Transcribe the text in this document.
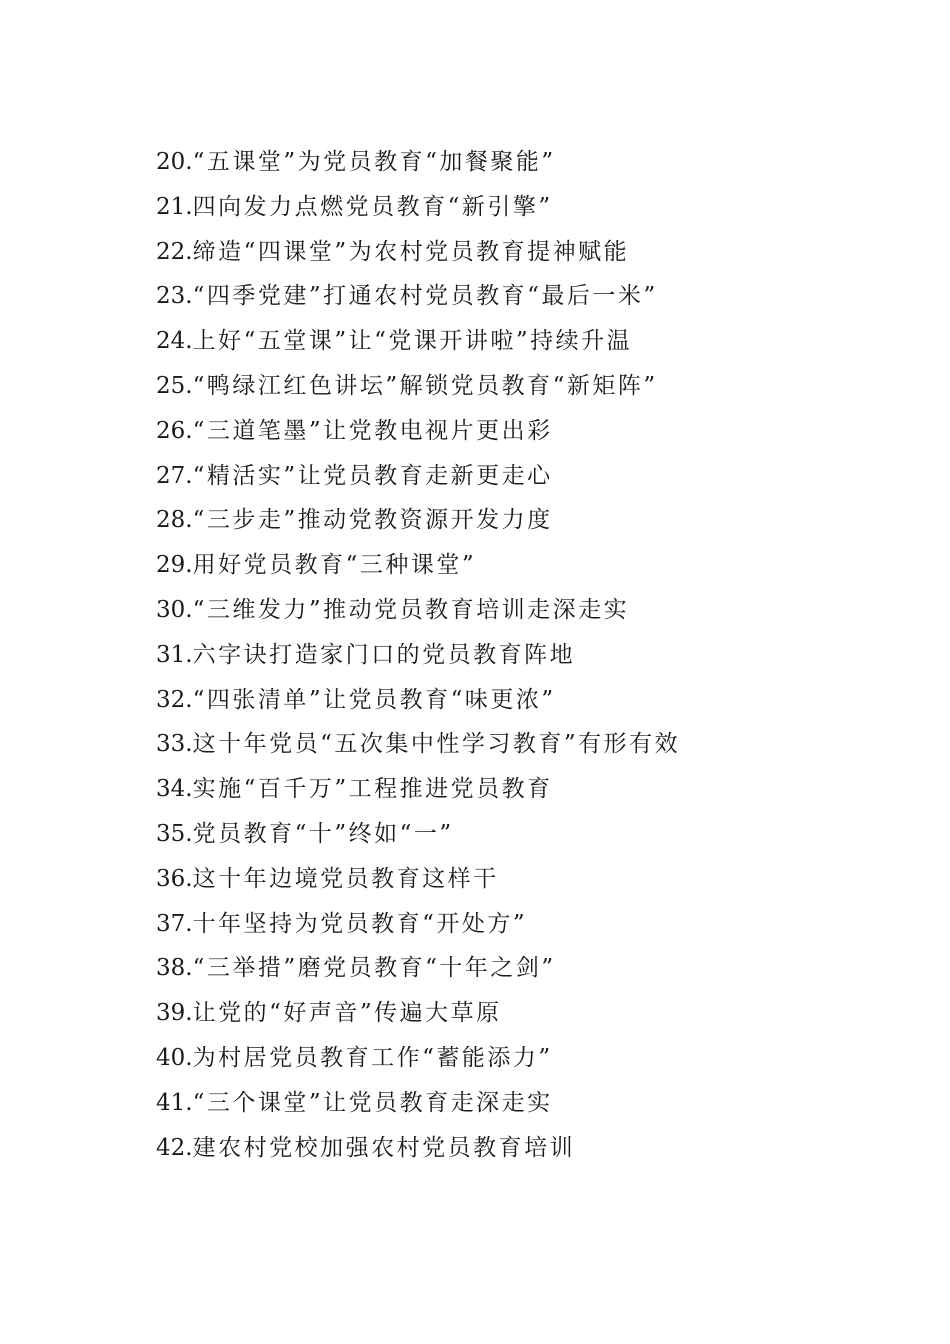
20.“五课堂”为党员教育“加餐聚能”
21.四向发力点燃党员教育“新引擎”
22.缔造“四课堂”为农村党员教育提神赋能
23.“四季党建”打通农村党员教育“最后一米”
24.上好“五堂课”让“党课开讲啦”持续升温
25.“鸭绿江红色讲坛”解锁党员教育“新矩阵”
26.“三道笔墨”让党教电视片更出彩
27.“精活实”让党员教育走新更走心
28.“三步走”推动党教资源开发力度
29.用好党员教育“三种课堂”
30.“三维发力”推动党员教育培训走深走实
31.六字诀打造家门口的党员教育阵地
32.“四张清单”让党员教育“味更浓”
33.这十年党员“五次集中性学习教育”有形有效
34.实施“百千万”工程推进党员教育
35.党员教育“十”终如“一”
36.这十年边境党员教育这样干
37.十年坚持为党员教育“开处方”
38.“三举措”磨党员教育“十年之剑”
39.让党的“好声音”传遍大草原
40.为村居党员教育工作“蓄能添力”
41.“三个课堂”让党员教育走深走实
42.建农村党校加强农村党员教育培训
